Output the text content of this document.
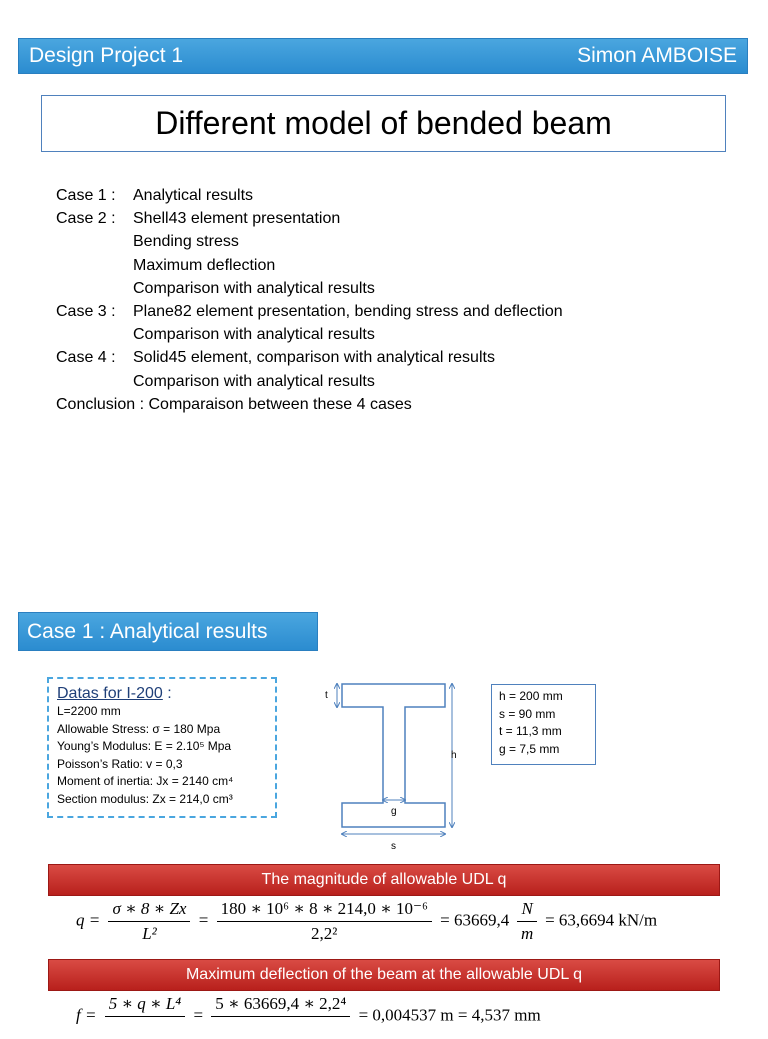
Design Project 1	Simon AMBOISE
Different model of bended beam
Case 1 :	Analytical results
Case 2 :	Shell43 element presentation
Bending stress
Maximum deflection
Comparison with analytical results
Case 3 :	Plane82 element presentation, bending stress and deflection
Comparison with analytical results
Case 4 :	Solid45 element, comparison with analytical results
Comparison with analytical results
Conclusion : Comparaison between these 4 cases
Case 1 : Analytical results
Datas for I-200 :
L=2200 mm
Allowable Stress: σ = 180 Mpa
Young’s Modulus: E = 2.10⁵ Mpa
Poisson’s Ratio: v = 0,3
Moment of inertia: Jx = 2140 cm⁴
Section modulus: Zx = 214,0 cm³
t
h
g
s
h = 200 mm
s = 90 mm
t = 11,3 mm
g = 7,5 mm
The magnitude of allowable UDL q
$q = \frac{\sigma ∗ 8 ∗ Zx}{\text{L²}} = \frac{\text{180 ∗ 10⁶ ∗ 8 ∗ 214,0 ∗ 10⁻⁶}}{\text{2,2²}} = 63669,4 \frac{N}{m} = 63,6694$ kN/m
Maximum deflection of the beam at the allowable UDL q
f =
5 ∗ q ∗ L⁴

=
5 ∗ 63669,4 ∗ 2,2⁴

= 0,004537 m = 4,537 mm
